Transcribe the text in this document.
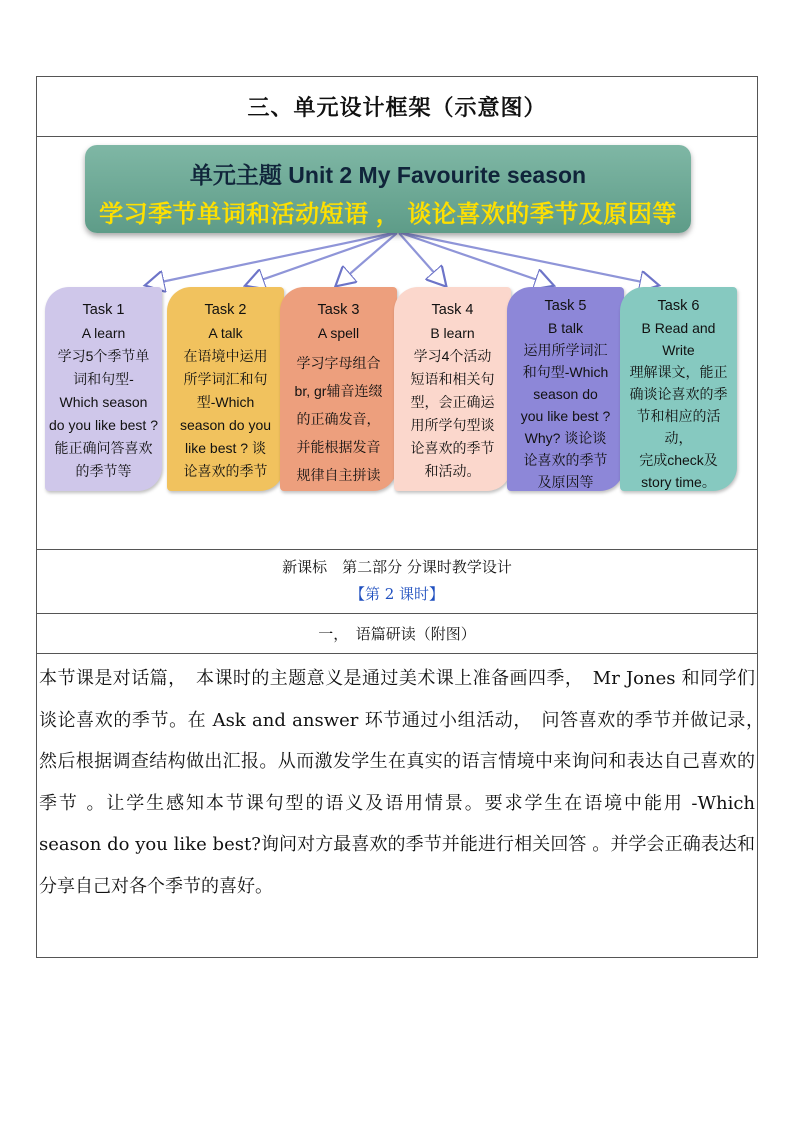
三、单元设计框架（示意图）
单元主题 Unit 2 My Favourite season
学习季节单词和活动短语 ， 谈论喜欢的季节及原因等
Task 1
A learn
学习5个季节单
词和句型-
Which season
do you like best ?
能正确问答喜欢
的季节等
Task 2
A talk
在语境中运用
所学词汇和句
型-Which
season do you
like best ? 谈
论喜欢的季节
Task 3
A spell
学习字母组合
br, gr辅音连缀
的正确发音，
并能根据发音
规律自主拼读
Task 4
B learn
学习4个活动
短语和相关句
型，会正确运
用所学句型谈
论喜欢的季节
和活动。
Task 5
B talk
运用所学词汇
和句型-Which
season do
you like best ?
Why? 谈论谈
论喜欢的季节
及原因等
Task 6
B Read and
Write
理解课文，能正
确谈论喜欢的季
节和相应的活动，
完成check及
story time。
新课标　第二部分 分课时教学设计
【第 2 课时】
一，　语篇研读（附图）
本节课是对话篇，　本课时的主题意义是通过美术课上准备画四季，　Mr Jones 和同学们谈论喜欢的季节。在 Ask and answer 环节通过小组活动，　问答喜欢的季节并做记录，　然后根据调查结构做出汇报。从而激发学生在真实的语言情境中来询问和表达自己喜欢的季节 。让学生感知本节课句型的语义及语用情景。要求学生在语境中能用 -Which season do you like best?询问对方最喜欢的季节并能进行相关回答 。并学会正确表达和分享自己对各个季节的喜好。
